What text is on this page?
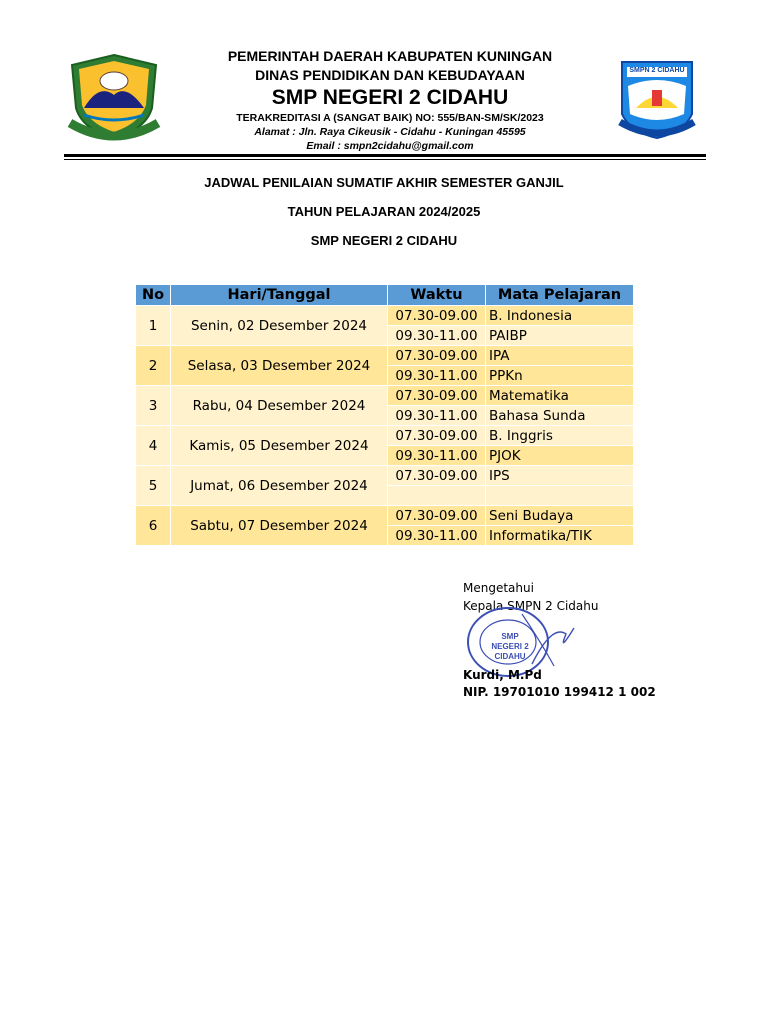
SMPN 2 CIDAHU
PEMERINTAH DAERAH KABUPATEN KUNINGAN
DINAS PENDIDIKAN DAN KEBUDAYAAN
SMP NEGERI 2 CIDAHU
TERAKREDITASI A (SANGAT BAIK) NO: 555/BAN-SM/SK/2023
Alamat : Jln. Raya Cikeusik - Cidahu - Kuningan 45595
Email : smpn2cidahu@gmail.com
JADWAL PENILAIAN SUMATIF AKHIR SEMESTER GANJIL
TAHUN PELAJARAN 2024/2025
SMP NEGERI 2 CIDAHU
No	Hari/Tanggal	Waktu	Mata Pelajaran
1	Senin, 02 Desember 2024	07.30-09.00	B. Indonesia
		09.30-11.00	PAIBP
2	Selasa, 03 Desember 2024	07.30-09.00	IPA
		09.30-11.00	PPKn
3	Rabu, 04 Desember 2024	07.30-09.00	Matematika
		09.30-11.00	Bahasa Sunda
4	Kamis, 05 Desember 2024	07.30-09.00	B. Inggris
		09.30-11.00	PJOK
5	Jumat, 06 Desember 2024	07.30-09.00	IPS

6	Sabtu, 07 Desember 2024	07.30-09.00	Seni Budaya
		09.30-11.00	Informatika/TIK
Mengetahui
Kepala SMPN 2 Cidahu
SMP NEGERI 2 CIDAHU
Kurdi, M.Pd
NIP. 19701010 199412 1 002
